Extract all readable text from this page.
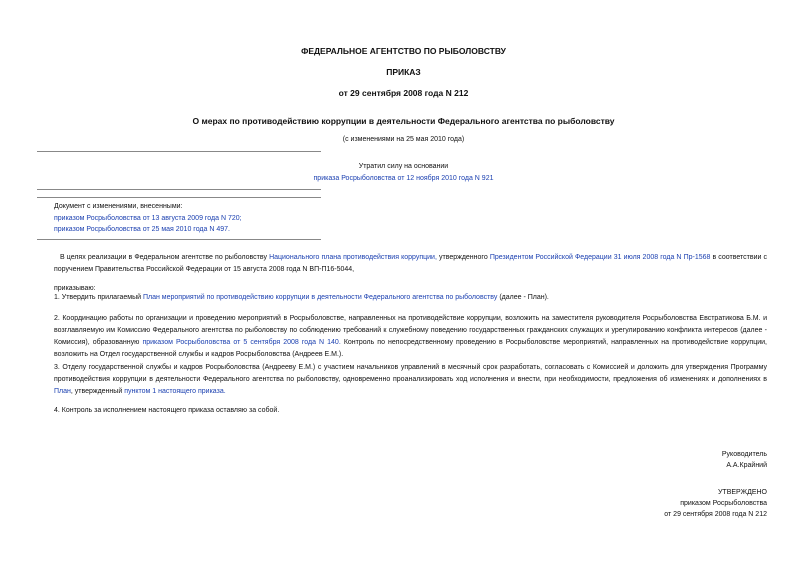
ФЕДЕРАЛЬНОЕ АГЕНТСТВО ПО РЫБОЛОВСТВУ
ПРИКАЗ
от 29 сентября 2008 года N 212
О мерах по противодействию коррупции в деятельности Федерального агентства по рыболовству
(с изменениями на 25 мая 2010 года)
Утратил силу на основании
приказа Росрыболовства от 12 ноября 2010 года N 921
Документ с изменениями, внесенными:
приказом Росрыболовства от 13 августа 2009 года N 720;
приказом Росрыболовства от 25 мая 2010 года N 497.

В целях реализации в Федеральном агентстве по рыболовству Национального плана противодействия коррупции, утвержденного Президентом Российской Федерации 31 июля 2008 года N Пр-1568 в соответствии с поручением Правительства Российской Федерации от 15 августа 2008 года N ВП-П16-5044,

приказываю:

1. Утвердить прилагаемый План мероприятий по противодействию коррупции в деятельности Федерального агентства по рыболовству (далее - План).

2. Координацию работы по организации и проведению мероприятий в Росрыболовстве, направленных на противодействие коррупции, возложить на заместителя руководителя Росрыболовства Евстратикова Б.М. и возглавляемую им Комиссию Федерального агентства по рыболовству по соблюдению требований к служебному поведению государственных гражданских служащих и урегулированию конфликта интересов (далее - Комиссия), образованную приказом Росрыболовства от 5 сентября 2008 года N 140. Контроль по непосредственному проведению в Росрыболовстве мероприятий, направленных на противодействие коррупции, возложить на Отдел государственной службы и кадров Росрыболовства (Андреев Е.М.).

3. Отделу государственной службы и кадров Росрыболовства (Андрееву Е.М.) с участием начальников управлений в месячный срок разработать, согласовать с Комиссией и доложить для утверждения Программу противодействия коррупции в деятельности Федерального агентства по рыболовству, одновременно проанализировать ход исполнения и внести, при необходимости, предложения об изменениях и дополнениях в План, утвержденный пунктом 1 настоящего приказа.

4. Контроль за исполнением настоящего приказа оставляю за собой.
Руководитель
А.А.Крайний
УТВЕРЖДЕНО
приказом Росрыболовства
от 29 сентября 2008 года N 212
